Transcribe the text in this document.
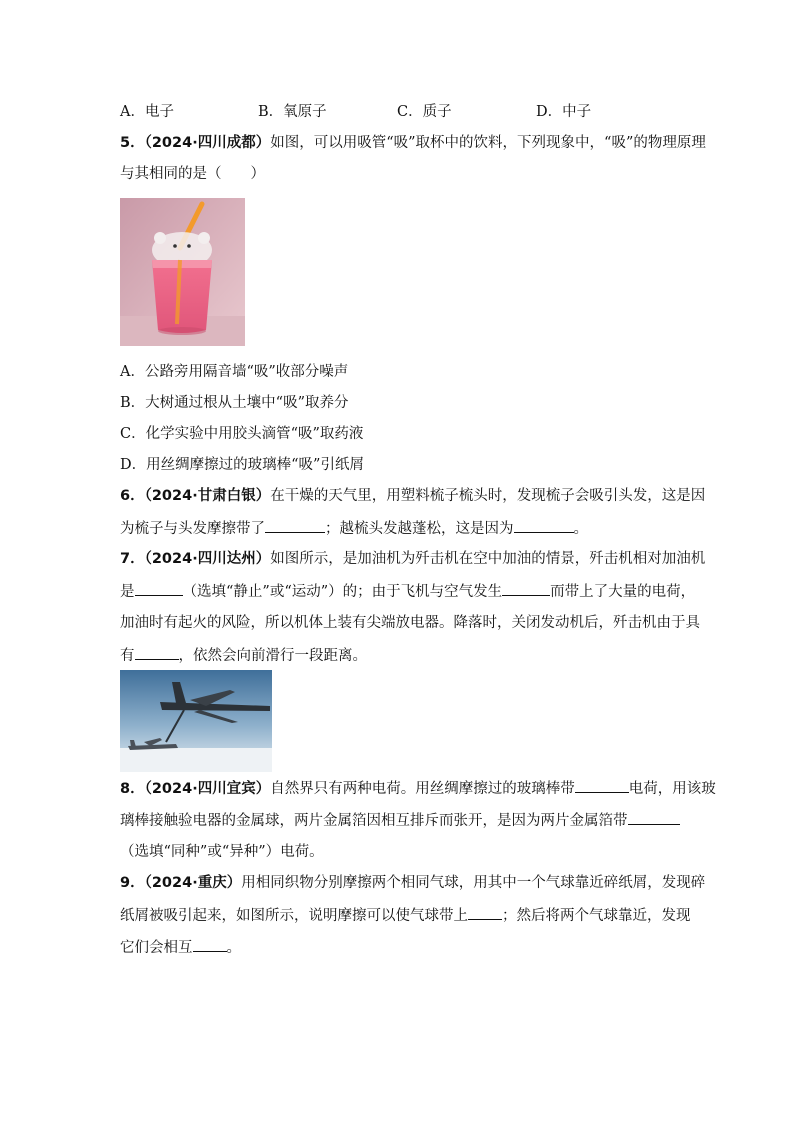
A．电子	B．氧原子	C．质子	D．中子
5．（2024·四川成都）如图，可以用吸管“吸”取杯中的饮料，下列现象中，“吸”的物理原理
与其相同的是（　　）
A．公路旁用隔音墙“吸”收部分噪声
B．大树通过根从土壤中“吸”取养分
C．化学实验中用胶头滴管“吸”取药液
D．用丝绸摩擦过的玻璃棒“吸”引纸屑
6．（2024·甘肃白银）在干燥的天气里，用塑料梳子梳头时，发现梳子会吸引头发，这是因
为梳子与头发摩擦带了	；越梳头发越蓬松，这是因为	。
7．（2024·四川达州）如图所示，是加油机为歼击机在空中加油的情景，歼击机相对加油机
是	（选填“静止”或“运动”）的；由于飞机与空气发生	而带上了大量的电荷，
加油时有起火的风险，所以机体上装有尖端放电器。降落时，关闭发动机后，歼击机由于具
有	，依然会向前滑行一段距离。
8．（2024·四川宜宾）自然界只有两种电荷。用丝绸摩擦过的玻璃棒带	电荷，用该玻
璃棒接触验电器的金属球，两片金属箔因相互排斥而张开，是因为两片金属箔带
（选填“同种”或“异种”）电荷。
9．（2024·重庆）用相同织物分别摩擦两个相同气球，用其中一个气球靠近碎纸屑，发现碎
纸屑被吸引起来，如图所示，说明摩擦可以使气球带上 ；然后将两个气球靠近，发现
它们会相互 。
